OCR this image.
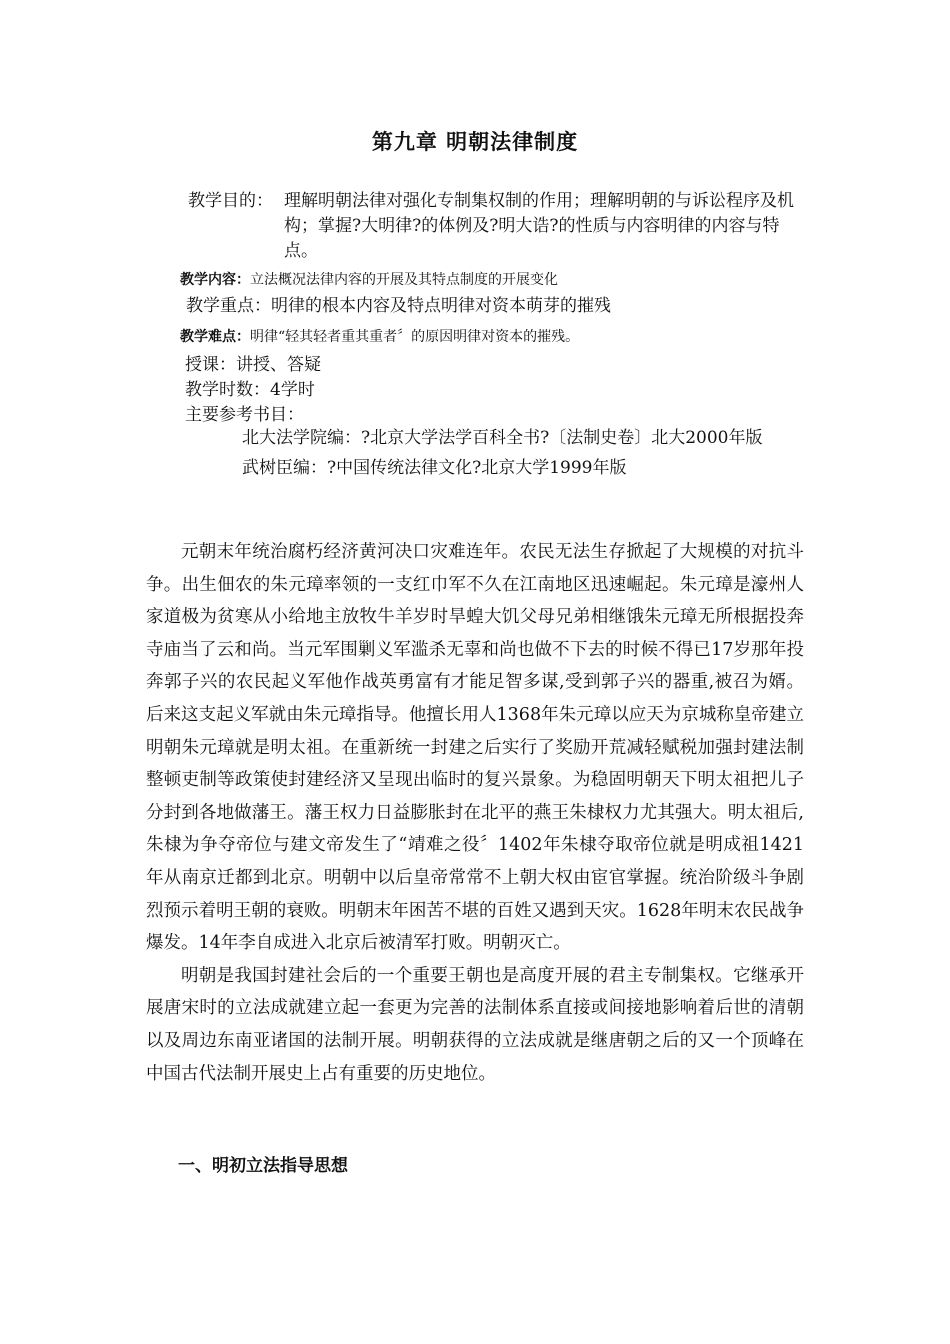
第九章 明朝法律制度
教学目的： 理解明朝法律对强化专制集权制的作用；理解明朝的与诉讼程序及机构；掌握?大明律?的体例及?明大诰?的性质与内容明律的内容与特点。
教学内容：立法概况法律内容的开展及其特点制度的开展变化
教学重点：明律的根本内容及特点明律对资本萌芽的摧残
教学难点：明律“轻其轻者重其重者〞的原因明律对资本的摧残。
授课：讲授、答疑
教学时数：4学时
主要参考书目：
北大法学院编：?北京大学法学百科全书?〔法制史卷〕北大2000年版
武树臣编：?中国传统法律文化?北京大学1999年版

元朝末年统治腐朽经济黄河决口灾难连年。农民无法生存掀起了大规模的对抗斗争。出生佃农的朱元璋率领的一支红巾军不久在江南地区迅速崛起。朱元璋是濠州人家道极为贫寒从小给地主放牧牛羊岁时旱蝗大饥父母兄弟相继饿朱元璋无所根据投奔寺庙当了云和尚。当元军围剿义军滥杀无辜和尚也做不下去的时候不得已17岁那年投奔郭子兴的农民起义军他作战英勇富有才能足智多谋,受到郭子兴的器重,被召为婿。后来这支起义军就由朱元璋指导。他擅长用人1368年朱元璋以应天为京城称皇帝建立明朝朱元璋就是明太祖。在重新统一封建之后实行了奖励开荒减轻赋税加强封建法制整顿吏制等政策使封建经济又呈现出临时的复兴景象。为稳固明朝天下明太祖把儿子分封到各地做藩王。藩王权力日益膨胀封在北平的燕王朱棣权力尤其强大。明太祖后,朱棣为争夺帝位与建文帝发生了“靖难之役〞1402年朱棣夺取帝位就是明成祖1421年从南京迁都到北京。明朝中以后皇帝常常不上朝大权由宦官掌握。统治阶级斗争剧烈预示着明王朝的衰败。明朝末年困苦不堪的百姓又遇到天灾。1628年明末农民战争爆发。14年李自成进入北京后被清军打败。明朝灭亡。

明朝是我国封建社会后的一个重要王朝也是高度开展的君主专制集权。它继承开展唐宋时的立法成就建立起一套更为完善的法制体系直接或间接地影响着后世的清朝以及周边东南亚诸国的法制开展。明朝获得的立法成就是继唐朝之后的又一个顶峰在中国古代法制开展史上占有重要的历史地位。

一、明初立法指导思想
